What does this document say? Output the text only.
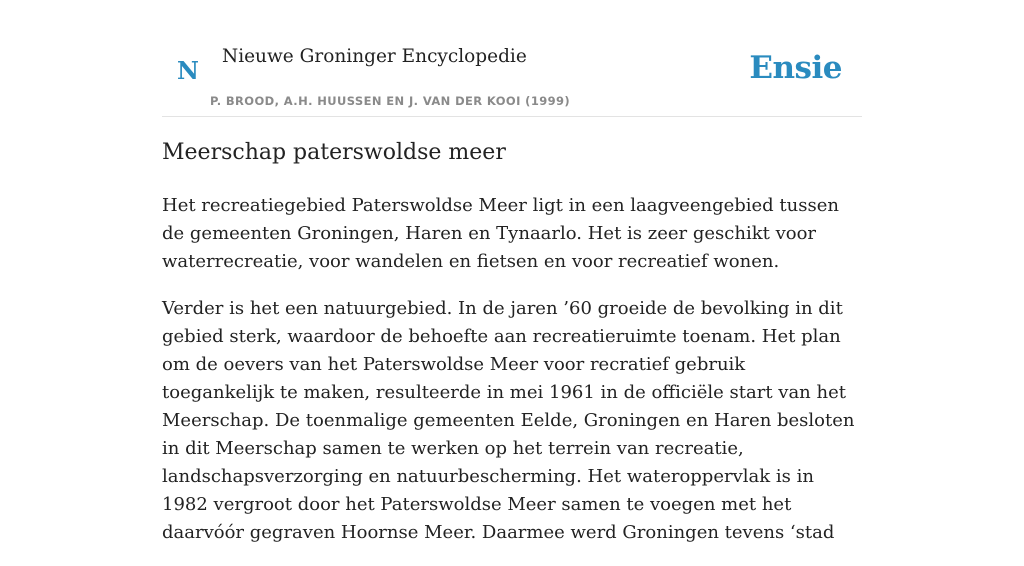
N Nieuwe Groninger Encyclopedie
P. BROOD, A.H. HUUSSEN EN J. VAN DER KOOI (1999)
Ensie
Meerschap paterswoldse meer

Het recreatiegebied Paterswoldse Meer ligt in een laagveengebied tussen de gemeenten Groningen, Haren en Tynaarlo. Het is zeer geschikt voor waterrecreatie, voor wandelen en fietsen en voor recreatief wonen.

Verder is het een natuurgebied. In de jaren ’60 groeide de bevolking in dit gebied sterk, waardoor de behoefte aan recreatieruimte toenam. Het plan om de oevers van het Paterswoldse Meer voor recratief gebruik toegankelijk te maken, resulteerde in mei 1961 in de officiële start van het Meerschap. De toenmalige gemeenten Eelde, Groningen en Haren besloten in dit Meerschap samen te werken op het terrein van recreatie, landschapsverzorging en natuurbescherming. Het wateroppervlak is in 1982 vergroot door het Paterswoldse Meer samen te voegen met het daarvóór gegraven Hoornse Meer. Daarmee werd Groningen tevens ‘stad
